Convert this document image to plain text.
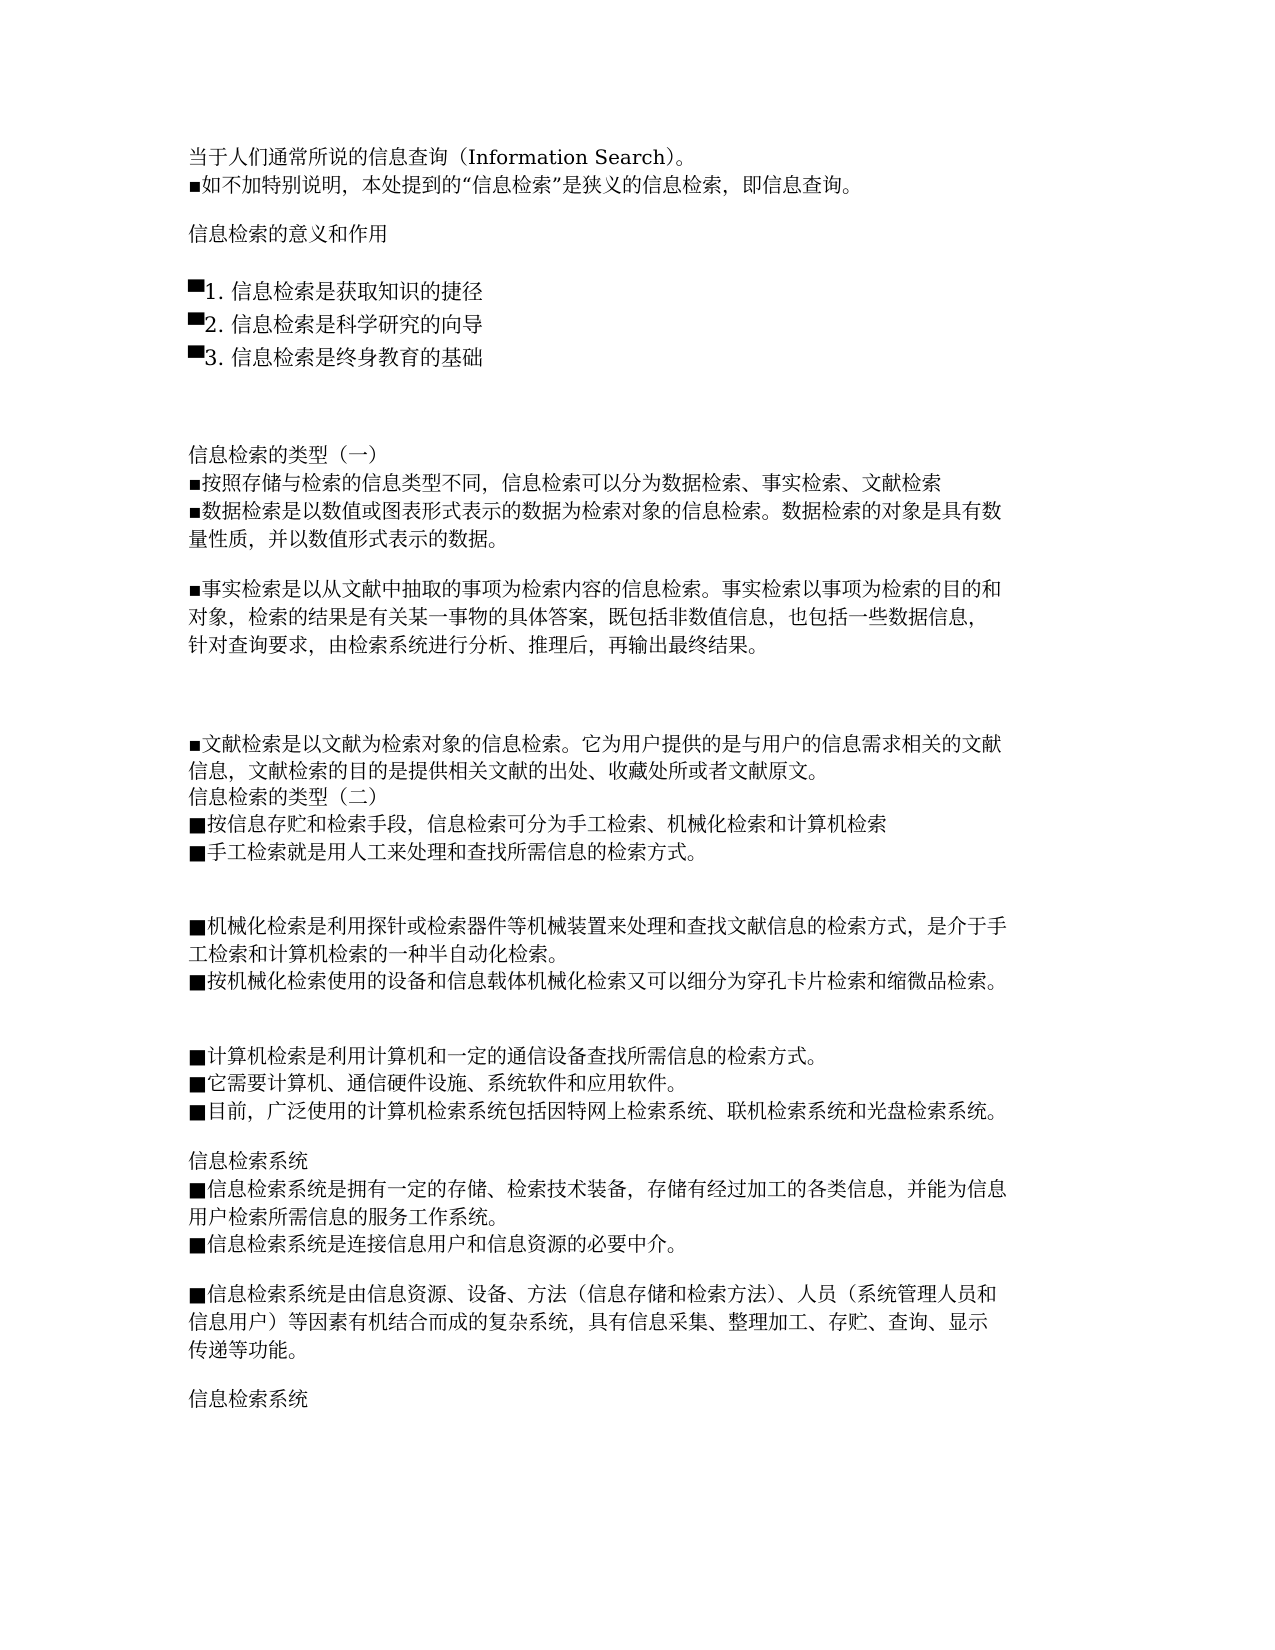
当于人们通常所说的信息查询（Information Search）。
▪如不加特别说明，本处提到的“信息检索”是狭义的信息检索，即信息查询。
信息检索的意义和作用
▀1. 信息检索是获取知识的捷径
▀2. 信息检索是科学研究的向导
▀3. 信息检索是终身教育的基础
信息检索的类型（一）
▪按照存储与检索的信息类型不同，信息检索可以分为数据检索、事实检索、文献检索
▪数据检索是以数值或图表形式表示的数据为检索对象的信息检索。数据检索的对象是具有数
量性质，并以数值形式表示的数据。
▪事实检索是以从文献中抽取的事项为检索内容的信息检索。事实检索以事项为检索的目的和
对象，检索的结果是有关某一事物的具体答案，既包括非数值信息，也包括一些数据信息，
针对查询要求，由检索系统进行分析、推理后，再输出最终结果。
▪文献检索是以文献为检索对象的信息检索。它为用户提供的是与用户的信息需求相关的文献
信息，文献检索的目的是提供相关文献的出处、收藏处所或者文献原文。
信息检索的类型（二）
■按信息存贮和检索手段，信息检索可分为手工检索、机械化检索和计算机检索
■手工检索就是用人工来处理和查找所需信息的检索方式。
■机械化检索是利用探针或检索器件等机械装置来处理和查找文献信息的检索方式，是介于手
工检索和计算机检索的一种半自动化检索。
■按机械化检索使用的设备和信息载体机械化检索又可以细分为穿孔卡片检索和缩微品检索。
■计算机检索是利用计算机和一定的通信设备查找所需信息的检索方式。
■它需要计算机、通信硬件设施、系统软件和应用软件。
■目前，广泛使用的计算机检索系统包括因特网上检索系统、联机检索系统和光盘检索系统。
信息检索系统
■信息检索系统是拥有一定的存储、检索技术装备，存储有经过加工的各类信息，并能为信息
用户检索所需信息的服务工作系统。
■信息检索系统是连接信息用户和信息资源的必要中介。
■信息检索系统是由信息资源、设备、方法（信息存储和检索方法）、人员（系统管理人员和
信息用户）等因素有机结合而成的复杂系统，具有信息采集、整理加工、存贮、查询、显示
传递等功能。
信息检索系统
